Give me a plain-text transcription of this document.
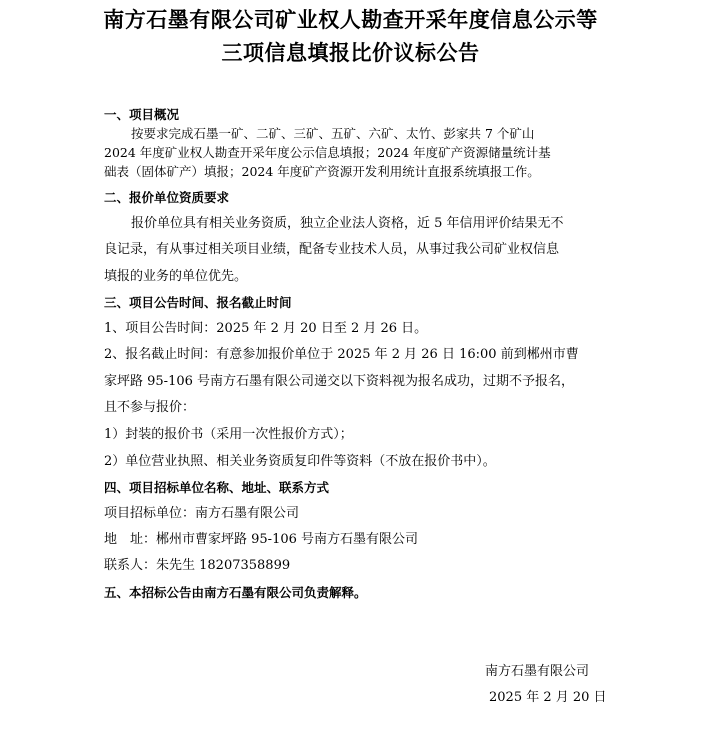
南方石墨有限公司矿业权人勘查开采年度信息公示等
三项信息填报比价议标公告
一、项目概况
按要求完成石墨一矿、二矿、三矿、五矿、六矿、太竹、彭家共 7 个矿山
2024 年度矿业权人勘查开采年度公示信息填报；2024 年度矿产资源储量统计基
础表（固体矿产）填报；2024 年度矿产资源开发利用统计直报系统填报工作。
二、报价单位资质要求
报价单位具有相关业务资质，独立企业法人资格，近 5 年信用评价结果无不
良记录，有从事过相关项目业绩，配备专业技术人员，从事过我公司矿业权信息
填报的业务的单位优先。
三、项目公告时间、报名截止时间
1、项目公告时间：2025 年 2 月 20 日至 2 月 26 日。
2、报名截止时间：有意参加报价单位于 2025 年 2 月 26 日 16:00 前到郴州市曹
家坪路 95-106 号南方石墨有限公司递交以下资料视为报名成功，过期不予报名，
且不参与报价：
1）封装的报价书（采用一次性报价方式）；
2）单位营业执照、相关业务资质复印件等资料（不放在报价书中）。
四、项目招标单位名称、地址、联系方式
项目招标单位：南方石墨有限公司
地　址：郴州市曹家坪路 95-106 号南方石墨有限公司
联系人：朱先生 18207358899
五、本招标公告由南方石墨有限公司负责解释。
南方石墨有限公司
2025 年 2 月 20 日
